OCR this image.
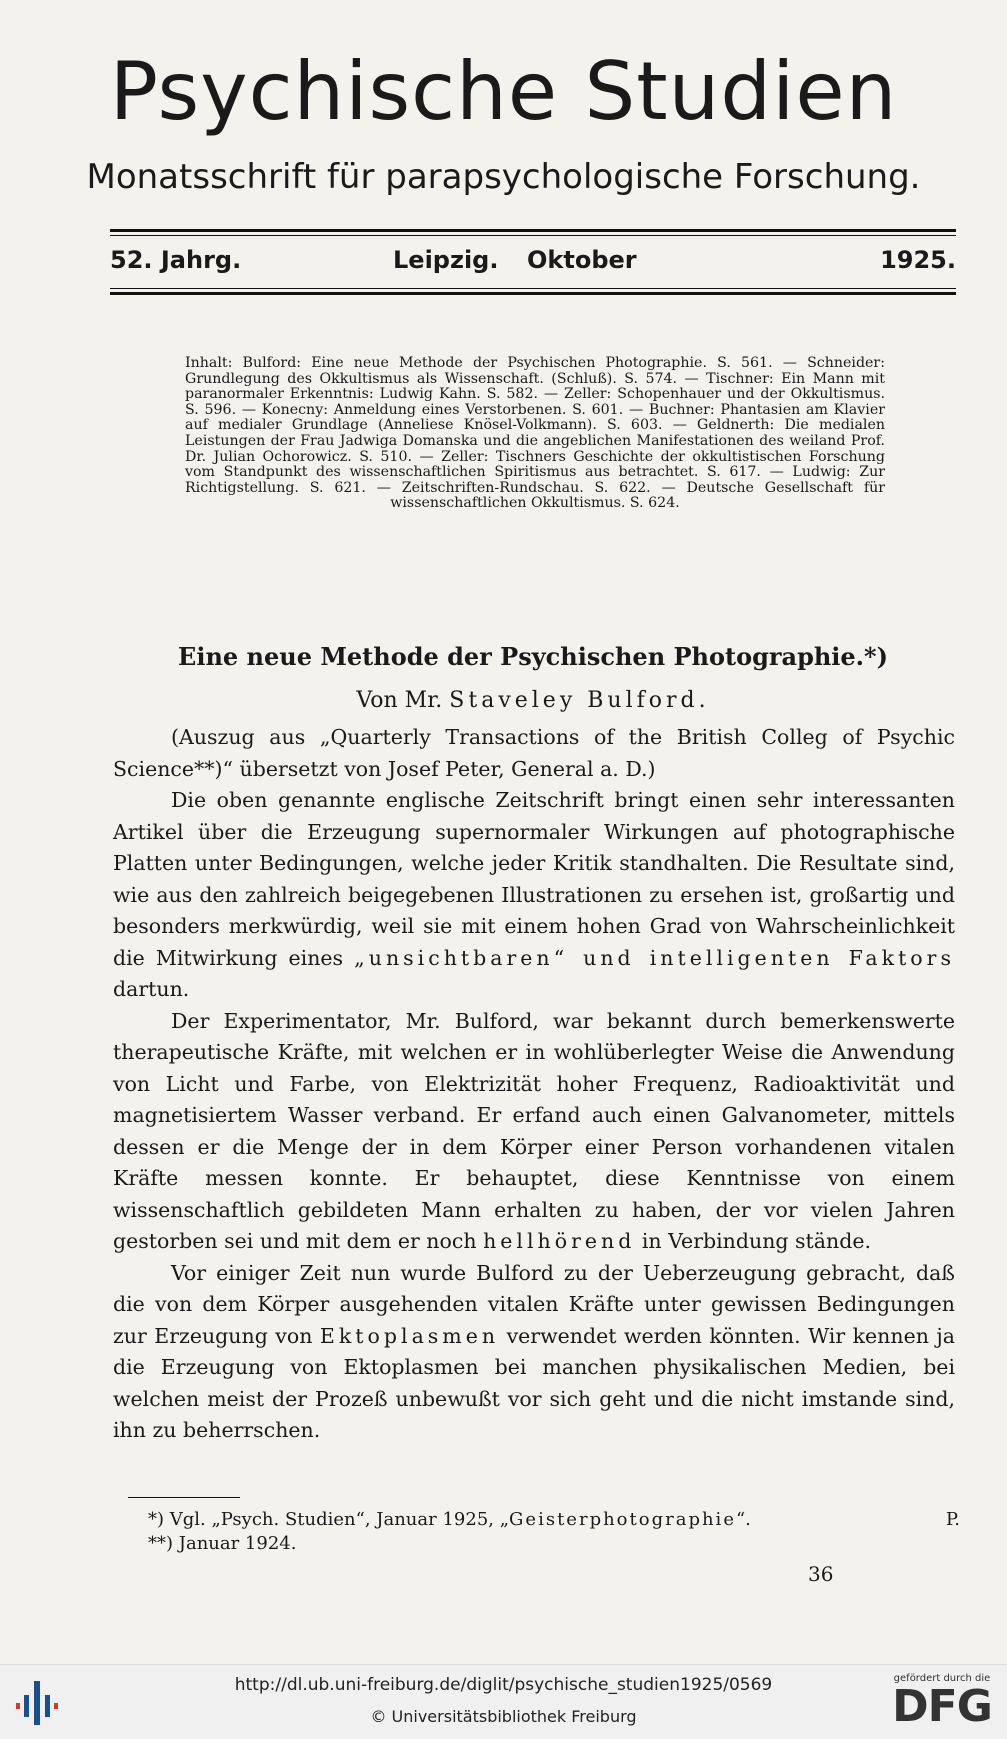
Psychische Studien
Monatsschrift für parapsychologische Forschung.
52. Jahrg.	Leipzig. Oktober	1925.
Inhalt: Bulford: Eine neue Methode der Psychischen Photographie. S. 561. — Schneider: Grundlegung des Okkultismus als Wissenschaft. (Schluß). S. 574. — Tischner: Ein Mann mit paranormaler Erkenntnis: Ludwig Kahn. S. 582. — Zeller: Schopenhauer und der Okkultismus. S. 596. — Konecny: Anmeldung eines Verstorbenen. S. 601. — Buchner: Phantasien am Klavier auf medialer Grundlage (Anneliese Knösel-Volkmann). S. 603. — Geldnerth: Die medialen Leistungen der Frau Jadwiga Domanska und die angeblichen Manifestationen des weiland Prof. Dr. Julian Ochorowicz. S. 510. — Zeller: Tischners Geschichte der okkultistischen Forschung vom Standpunkt des wissenschaftlichen Spiritismus aus betrachtet. S. 617. — Ludwig: Zur Richtigstellung. S. 621. — Zeitschriften-Rundschau. S. 622. — Deutsche Gesellschaft für wissenschaftlichen Okkultismus. S. 624.
Eine neue Methode der Psychischen Photographie.*)
Von Mr. Staveley Bulford.

(Auszug aus „Quarterly Transactions of the British Colleg of Psychic Science**)“ übersetzt von Josef Peter, General a. D.)

Die oben genannte englische Zeitschrift bringt einen sehr interessanten Artikel über die Erzeugung supernormaler Wirkungen auf photographische Platten unter Bedingungen, welche jeder Kritik standhalten. Die Resultate sind, wie aus den zahlreich beigegebenen Illustrationen zu ersehen ist, großartig und besonders merkwürdig, weil sie mit einem hohen Grad von Wahrscheinlichkeit die Mitwirkung eines „unsichtbaren“ und intelligenten Faktors dartun.

Der Experimentator, Mr. Bulford, war bekannt durch bemerkenswerte therapeutische Kräfte, mit welchen er in wohlüberlegter Weise die Anwendung von Licht und Farbe, von Elektrizität hoher Frequenz, Radioaktivität und magnetisiertem Wasser verband. Er erfand auch einen Galvanometer, mittels dessen er die Menge der in dem Körper einer Person vorhandenen vitalen Kräfte messen konnte. Er behauptet, diese Kenntnisse von einem wissenschaftlich gebildeten Mann erhalten zu haben, der vor vielen Jahren gestorben sei und mit dem er noch hellhörend in Verbindung stände.

Vor einiger Zeit nun wurde Bulford zu der Ueberzeugung gebracht, daß die von dem Körper ausgehenden vitalen Kräfte unter gewissen Bedingungen zur Erzeugung von Ektoplasmen verwendet werden könnten. Wir kennen ja die Erzeugung von Ektoplasmen bei manchen physikalischen Medien, bei welchen meist der Prozeß unbewußt vor sich geht und die nicht imstande sind, ihn zu beherrschen.

*) Vgl. „Psych. Studien“, Januar 1925, „Geisterphotographie“.	P.
**) Januar 1924.
36
http://dl.ub.uni-freiburg.de/diglit/psychische_studien1925/0569
© Universitätsbibliothek Freiburg
gefördert durch die
DFG
